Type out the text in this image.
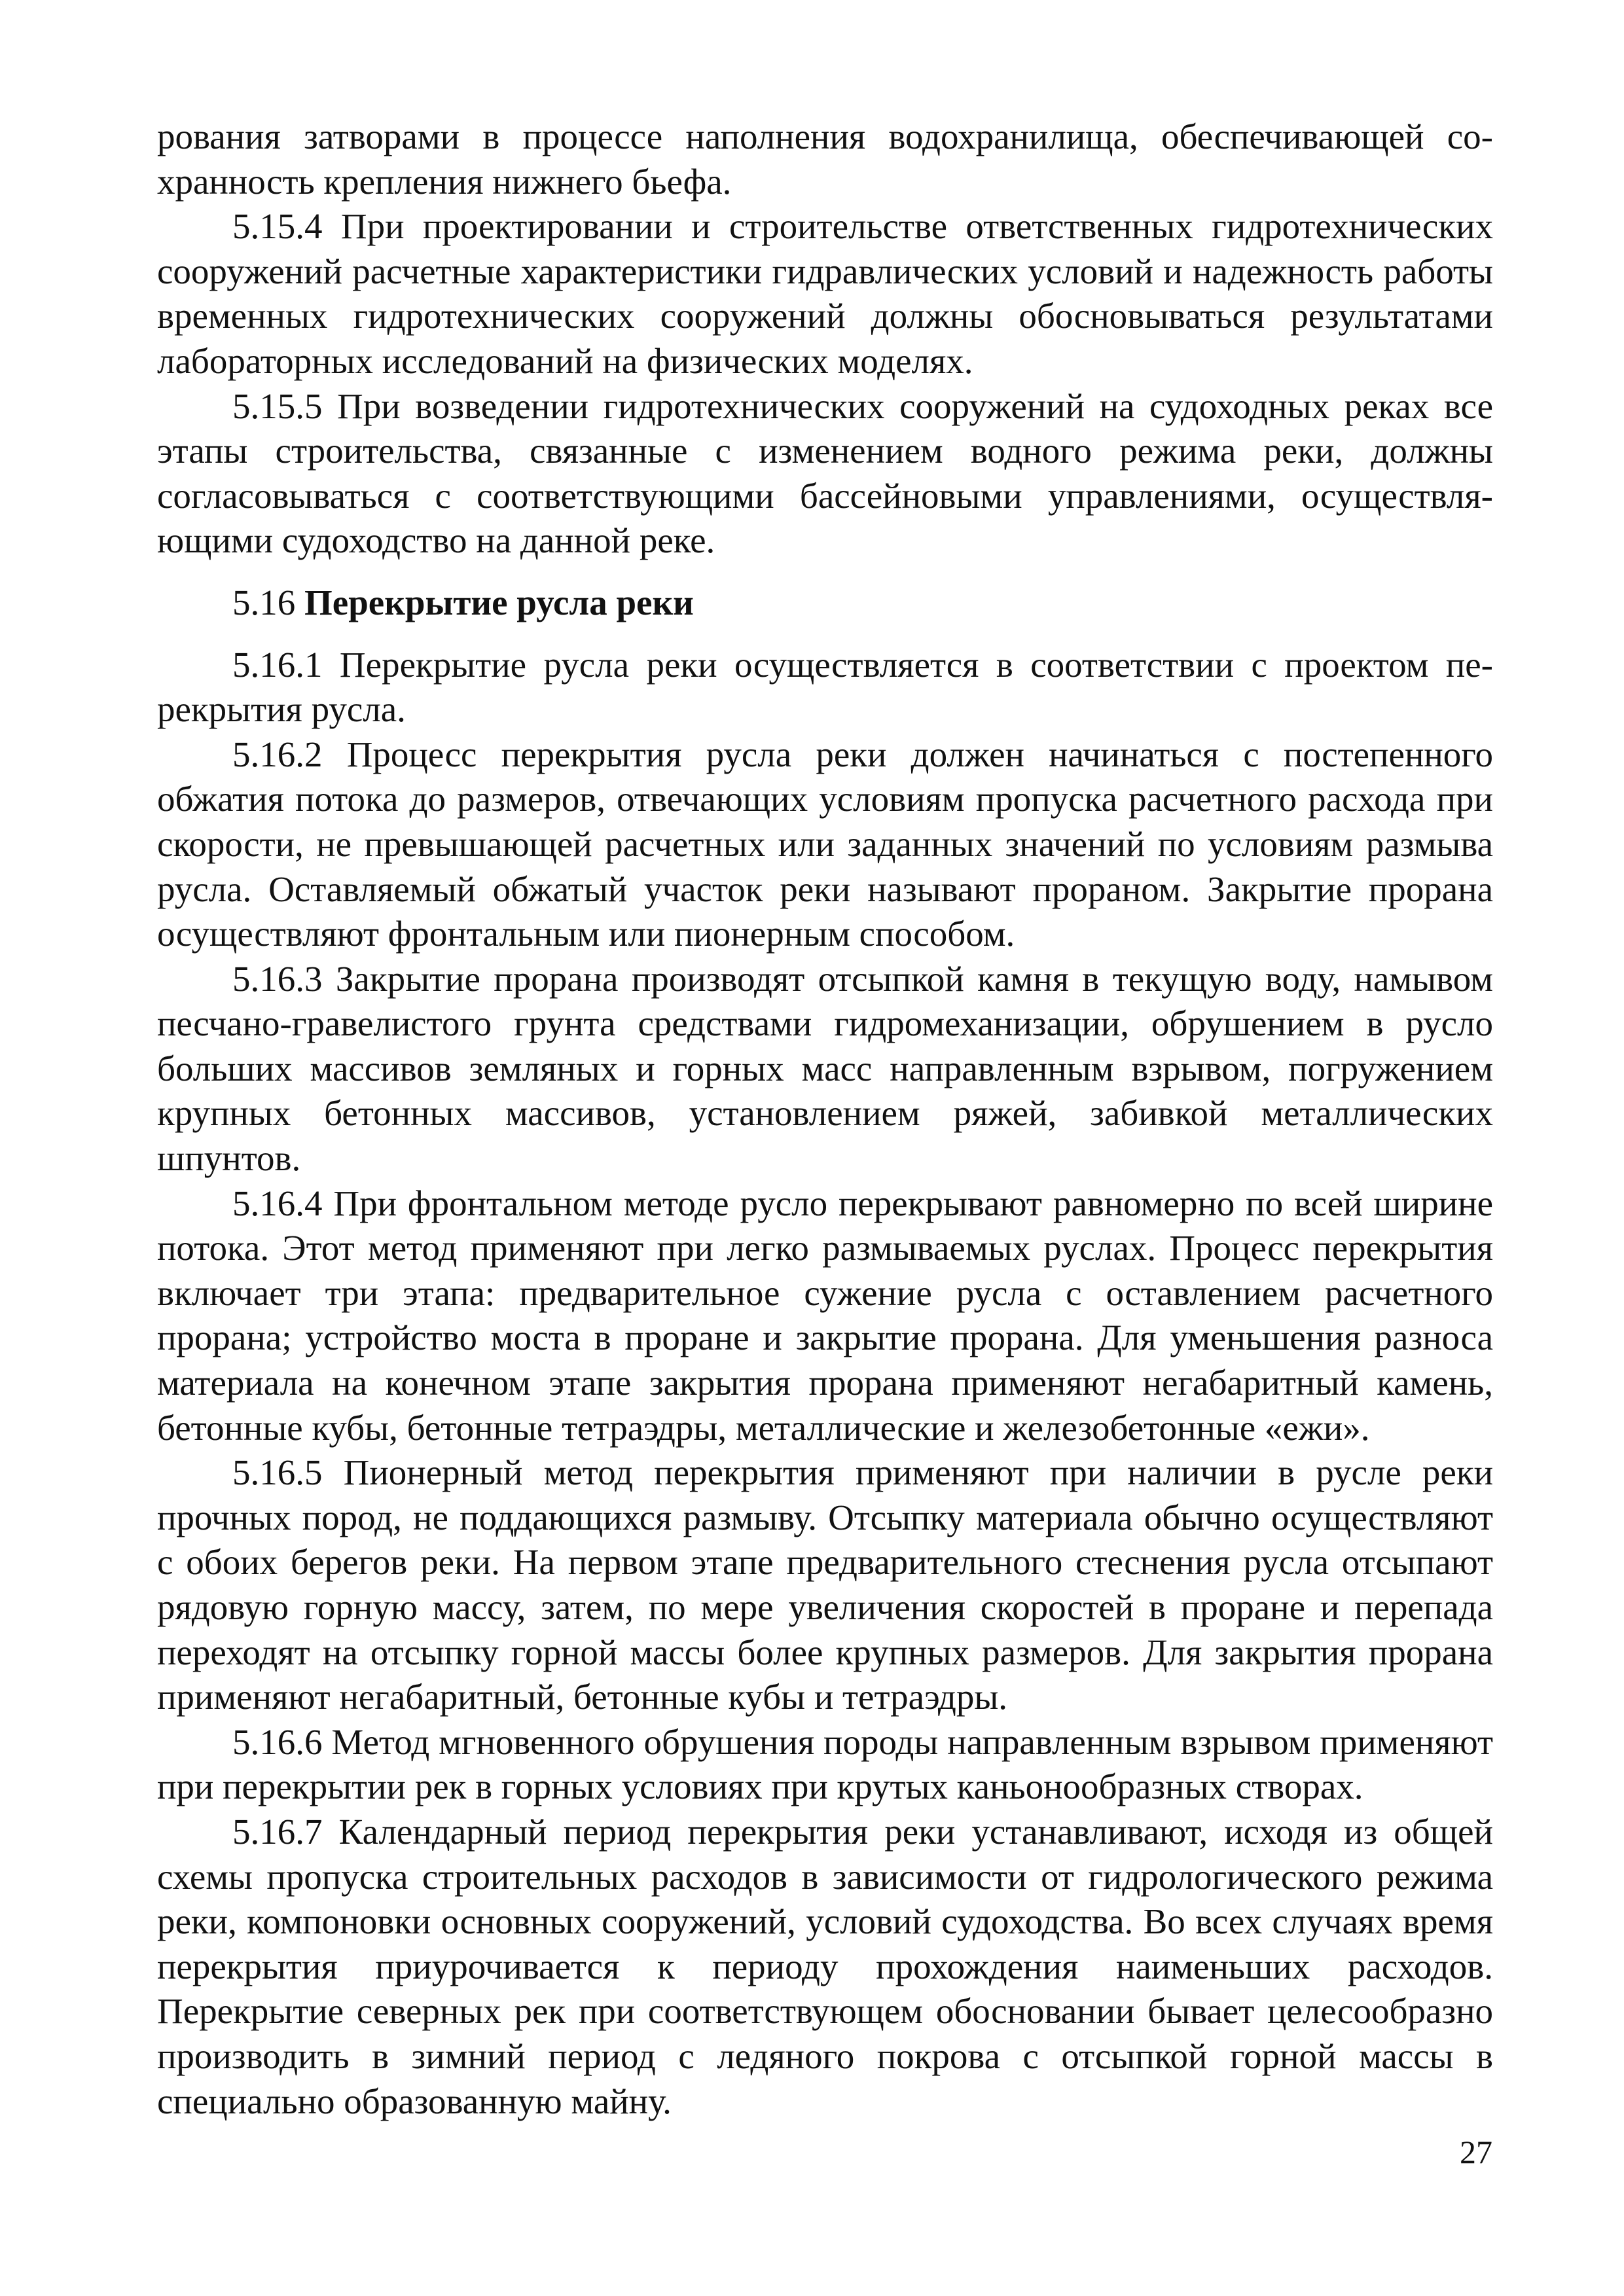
рования затворами в процессе наполнения водохранилища, обеспечивающей сохранность крепления нижнего бьефа.

5.15.4 При проектировании и строительстве ответственных гидротехнических сооружений расчетные характеристики гидравлических условий и надежность работы временных гидротехнических сооружений должны обосновываться результатами лабораторных исследований на физических моделях.

5.15.5 При возведении гидротехнических сооружений на судоходных реках все этапы строительства, связанные с изменением водного режима реки, должны согласовываться с соответствующими бассейновыми управлениями, осуществляющими судоходство на данной реке.

5.16 Перекрытие русла реки

5.16.1 Перекрытие русла реки осуществляется в соответствии с проектом перекрытия русла.

5.16.2 Процесс перекрытия русла реки должен начинаться с постепенного обжатия потока до размеров, отвечающих условиям пропуска расчетного расхода при скорости, не превышающей расчетных или заданных значений по условиям размыва русла. Оставляемый обжатый участок реки называют прораном. Закрытие прорана осуществляют фронтальным или пионерным способом.

5.16.3 Закрытие прорана производят отсыпкой камня в текущую воду, намывом песчано-гравелистого грунта средствами гидромеханизации, обрушением в русло больших массивов земляных и горных масс направленным взрывом, погружением крупных бетонных массивов, установлением ряжей, забивкой металлических шпунтов.

5.16.4 При фронтальном методе русло перекрывают равномерно по всей ширине потока. Этот метод применяют при легко размываемых руслах. Процесс перекрытия включает три этапа: предварительное сужение русла с оставлением расчетного прорана; устройство моста в проране и закрытие прорана. Для уменьшения разноса материала на конечном этапе закрытия прорана применяют негабаритный камень, бетонные кубы, бетонные тетраэдры, металлические и железобетонные «ежи».

5.16.5 Пионерный метод перекрытия применяют при наличии в русле реки прочных пород, не поддающихся размыву. Отсыпку материала обычно осуществляют с обоих берегов реки. На первом этапе предварительного стеснения русла отсыпают рядовую горную массу, затем, по мере увеличения скоростей в проране и перепада переходят на отсыпку горной массы более крупных размеров. Для закрытия прорана применяют негабаритный, бетонные кубы и тетраэдры.

5.16.6 Метод мгновенного обрушения породы направленным взрывом применяют при перекрытии рек в горных условиях при крутых каньонообразных створах.

5.16.7 Календарный период перекрытия реки устанавливают, исходя из общей схемы пропуска строительных расходов в зависимости от гидрологического режима реки, компоновки основных сооружений, условий судоходства. Во всех случаях время перекрытия приурочивается к периоду прохождения наименьших расходов. Перекрытие северных рек при соответствующем обосновании бывает целесообразно производить в зимний период с ледяного покрова с отсыпкой горной массы в специально образованную майну.

27
